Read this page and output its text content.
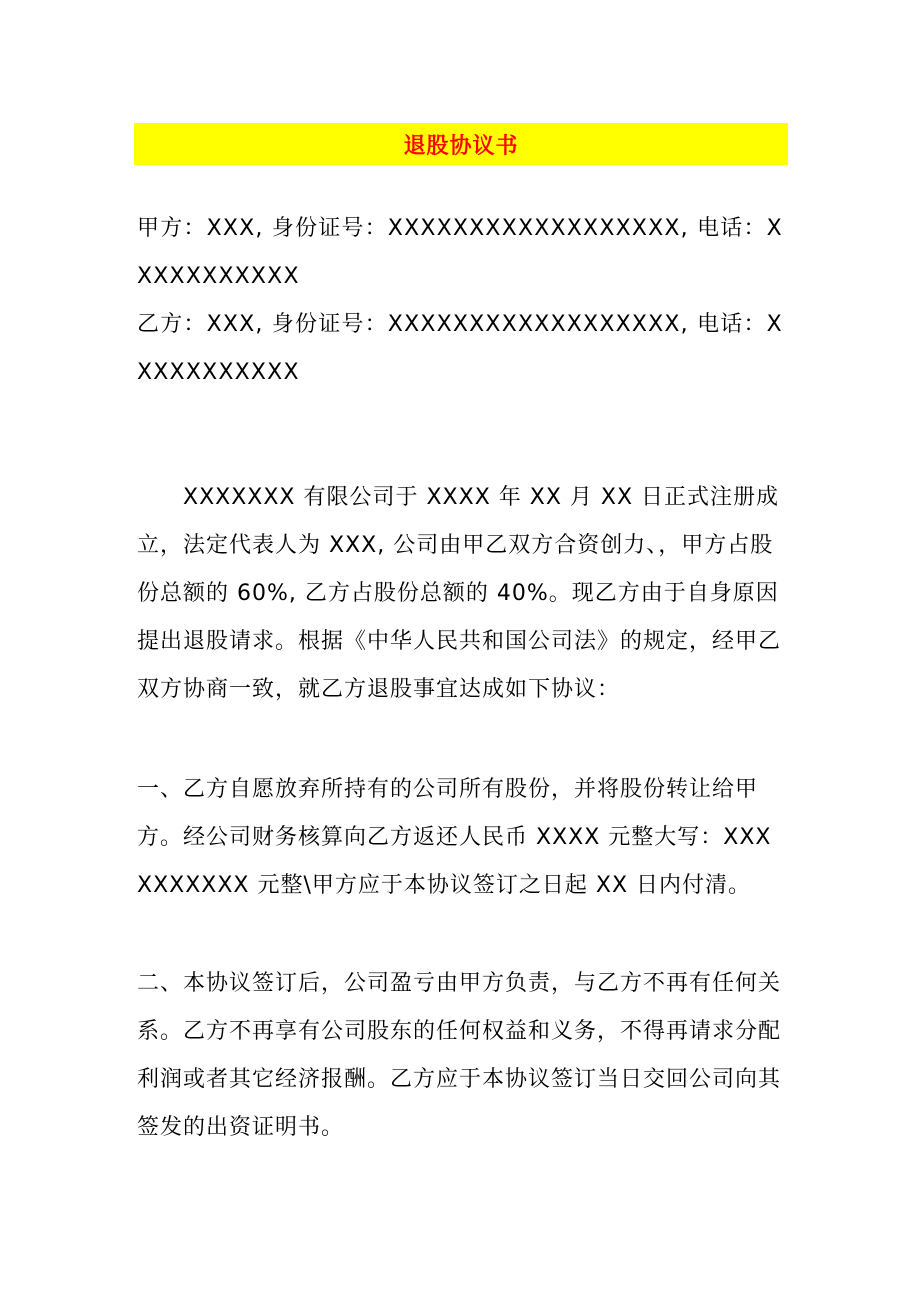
退股协议书
甲方：XXX, 身份证号：XXXXXXXXXXXXXXXXXX, 电话：XXXXXXXXXXX
乙方：XXX, 身份证号：XXXXXXXXXXXXXXXXXX, 电话：XXXXXXXXXXX

XXXXXXX 有限公司于 XXXX 年 XX 月 XX 日正式注册成立，法定代表人为 XXX, 公司由甲乙双方合资创力、，甲方占股份总额的 60%, 乙方占股份总额的 40%。现乙方由于自身原因提出退股请求。根据《中华人民共和国公司法》的规定，经甲乙双方协商一致，就乙方退股事宜达成如下协议：

一、乙方自愿放弃所持有的公司所有股份，并将股份转让给甲方。经公司财务核算向乙方返还人民币 XXXX 元整大写：XXXXXXXXXX 元整\甲方应于本协议签订之日起 XX 日内付清。

二、本协议签订后，公司盈亏由甲方负责，与乙方不再有任何关系。乙方不再享有公司股东的任何权益和义务，不得再请求分配利润或者其它经济报酬。乙方应于本协议签订当日交回公司向其签发的出资证明书。
